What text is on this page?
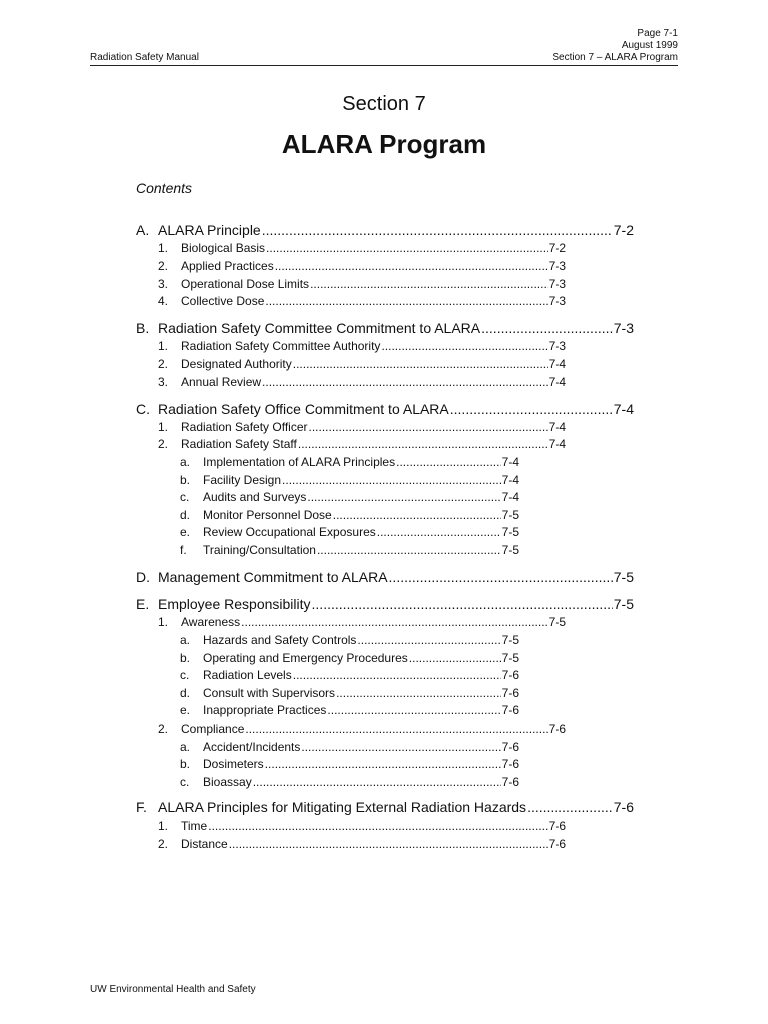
Page 7-1
August 1999
Section 7 – ALARA Program
Radiation Safety Manual
Section 7
ALARA Program
Contents
A. ALARA Principle .....	7-2
1.	Biological Basis .....	7-2
2.	Applied Practices .....	7-3
3.	Operational Dose Limits .....	7-3
4.	Collective Dose .....	7-3
B. Radiation Safety Committee Commitment to ALARA .....	7-3
1.	Radiation Safety Committee Authority .....	7-3
2.	Designated Authority .....	7-4
3.	Annual Review .....	7-4
C. Radiation Safety Office Commitment to ALARA .....	7-4
1.	Radiation Safety Officer .....	7-4
2.	Radiation Safety Staff .....	7-4
a.	Implementation of ALARA Principles .....	7-4
b.	Facility Design .....	7-4
c.	Audits and Surveys .....	7-4
d.	Monitor Personnel Dose .....	7-5
e.	Review Occupational Exposures .....	7-5
f.	Training/Consultation .....	7-5
D. Management Commitment to ALARA .....	7-5
E. Employee Responsibility .....	7-5
1.	Awareness .....	7-5
a.	Hazards and Safety Controls .....	7-5
b.	Operating and Emergency Procedures .....	7-5
c.	Radiation Levels .....	7-6
d.	Consult with Supervisors .....	7-6
e.	Inappropriate Practices .....	7-6
2.	Compliance .....	7-6
a.	Accident/Incidents .....	7-6
b.	Dosimeters .....	7-6
c.	Bioassay .....	7-6
F. ALARA Principles for Mitigating External Radiation Hazards .....	7-6
1.	Time .....	7-6
2.	Distance .....	7-6
UW Environmental Health and Safety
